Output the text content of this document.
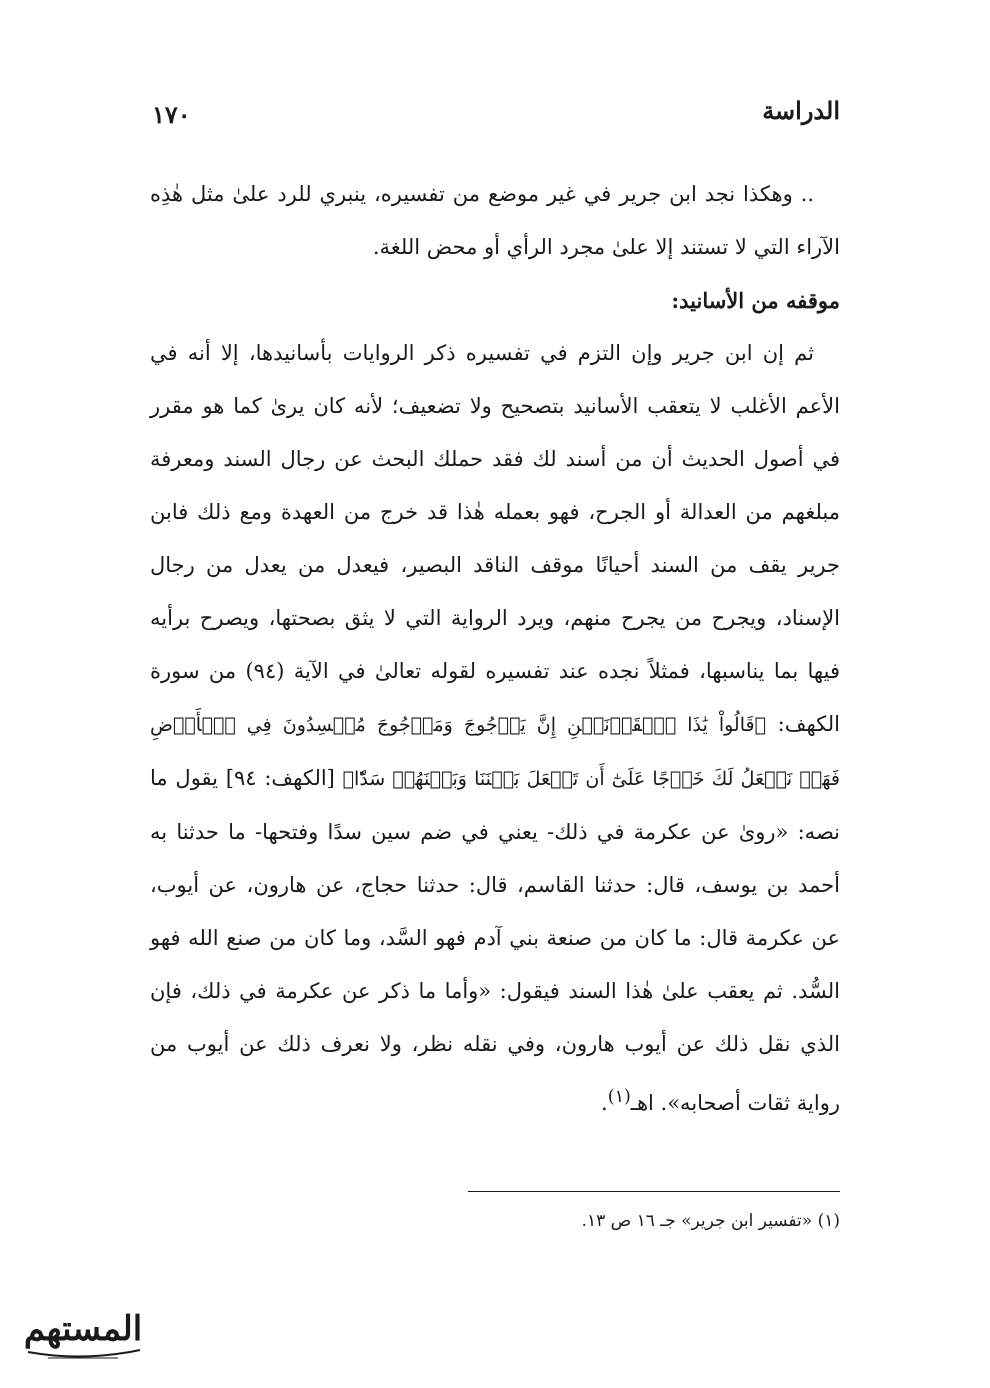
الدراسة
١٧٠

.. وهكذا نجد ابن جرير في غير موضع من تفسيره، ينبري للرد علىٰ مثل هٰذِه الآراء التي لا تستند إلا علىٰ مجرد الرأي أو محض اللغة.

موقفه من الأسانيد:

ثم إن ابن جرير وإن التزم في تفسيره ذكر الروايات بأسانيدها، إلا أنه في الأعم الأغلب لا يتعقب الأسانيد بتصحيح ولا تضعيف؛ لأنه كان يرىٰ كما هو مقرر في أصول الحديث أن من أسند لك فقد حملك البحث عن رجال السند ومعرفة مبلغهم من العدالة أو الجرح، فهو بعمله هٰذا قد خرج من العهدة ومع ذلك فابن جرير يقف من السند أحيانًا موقف الناقد البصير، فيعدل من يعدل من رجال الإسناد، ويجرح من يجرح منهم، ويرد الرواية التي لا يثق بصحتها، ويصرح برأيه فيها بما يناسبها، فمثلاً نجده عند تفسيره لقوله تعالىٰ في الآية (٩٤) من سورة الكهف: ﴿قَالُواْ يَٰذَا ٱلۡقَرۡنَيۡنِ إِنَّ يَأۡجُوجَ وَمَأۡجُوجَ مُفۡسِدُونَ فِي ٱلۡأَرۡضِ فَهَلۡ نَجۡعَلُ لَكَ خَرۡجًا عَلَىٰٓ أَن تَجۡعَلَ بَيۡنَنَا وَبَيۡنَهُمۡ سَدّٗا﴾ [الكهف: ٩٤] يقول ما نصه: «روىٰ عن عكرمة في ذلك- يعني في ضم سين سدًا وفتحها- ما حدثنا به أحمد بن يوسف، قال: حدثنا القاسم، قال: حدثنا حجاج، عن هارون، عن أيوب، عن عكرمة قال: ما كان من صنعة بني آدم فهو السَّد، وما كان من صنع الله فهو السُّد. ثم يعقب علىٰ هٰذا السند فيقول: «وأما ما ذكر عن عكرمة في ذلك، فإن الذي نقل ذلك عن أيوب هارون، وفي نقله نظر، ولا نعرف ذلك عن أيوب من رواية ثقات أصحابه». اهـ$^{(١)}$.

(١) «تفسير ابن جرير» جـ ١٦ ص ١٣.
المستهم
